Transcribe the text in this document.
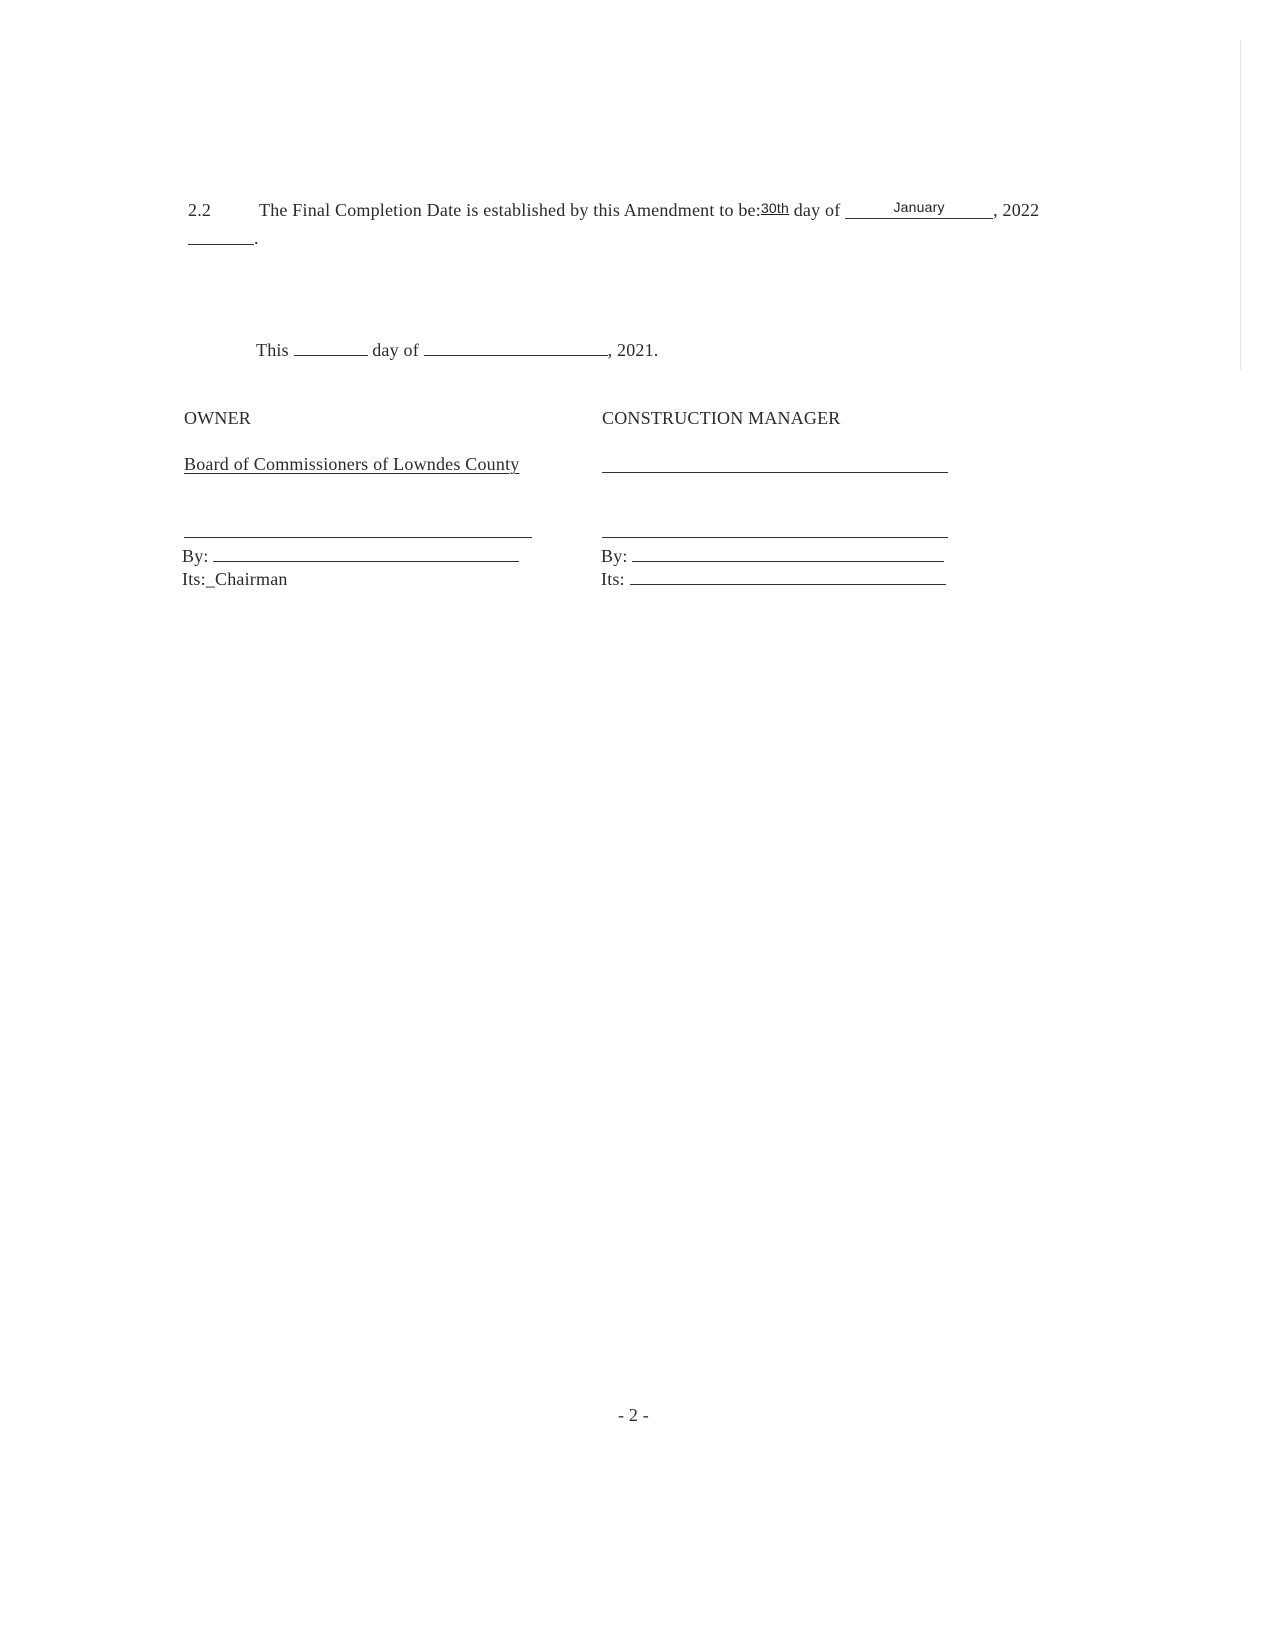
2.2	The Final Completion Date is established by this Amendment to be:30th day of	$^{January}$	, 2022
.
This	day of	, 2021.
OWNER
Board of Commissioners of Lowndes County
By:
Its:_Chairman
CONSTRUCTION MANAGER
By:
Its:
- 2 -
